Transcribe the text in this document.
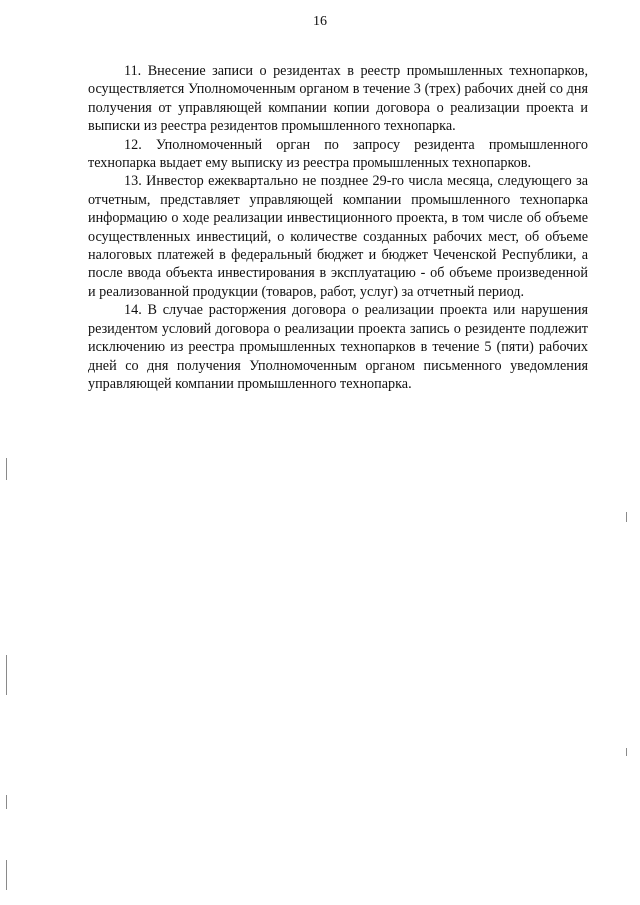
16

11. Внесение записи о резидентах в реестр промышленных технопарков, осуществляется Уполномоченным органом в течение 3 (трех) рабочих дней со дня получения от управляющей компании копии договора о реализации проекта и выписки из реестра резидентов промышленного технопарка.

12. Уполномоченный орган по запросу резидента промышленного технопарка выдает ему выписку из реестра промышленных технопарков.

13. Инвестор ежеквартально не позднее 29-го числа месяца, следующего за отчетным, представляет управляющей компании промышленного технопарка информацию о ходе реализации инвестиционного проекта, в том числе об объеме осуществленных инвестиций, о количестве созданных рабочих мест, об объеме налоговых платежей в федеральный бюджет и бюджет Чеченской Республики, а после ввода объекта инвестирования в эксплуатацию - об объеме произведенной и реализованной продукции (товаров, работ, услуг) за отчетный период.

14. В случае расторжения договора о реализации проекта или нарушения резидентом условий договора о реализации проекта запись о резиденте подлежит исключению из реестра промышленных технопарков в течение 5 (пяти) рабочих дней со дня получения Уполномоченным органом письменного уведомления управляющей компании промышленного технопарка.
